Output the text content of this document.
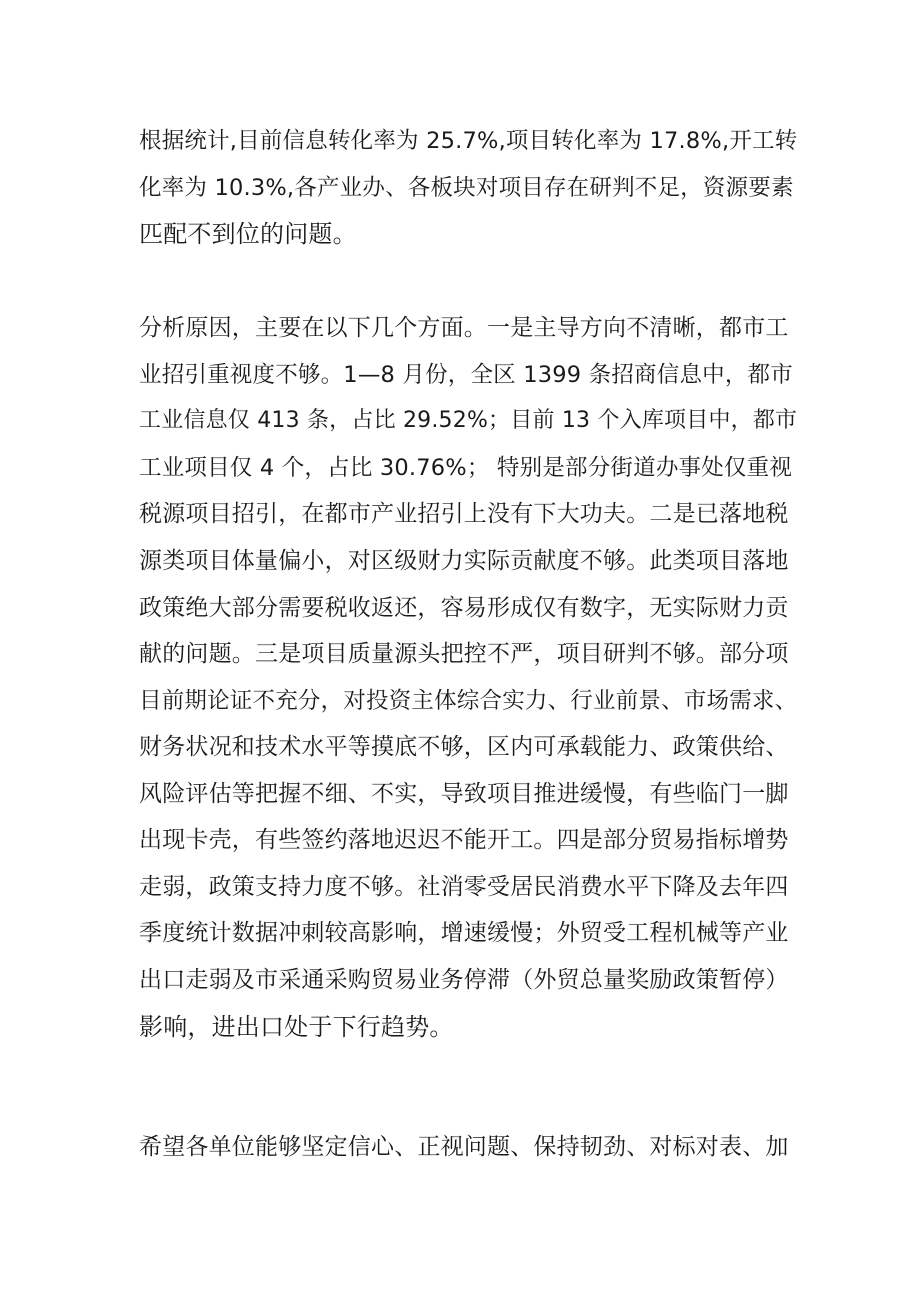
根据统计,目前信息转化率为 25.7%,项目转化率为 17.8%,开工转
化率为 10.3%,各产业办、各板块对项目存在研判不足，资源要素
匹配不到位的问题。
分析原因，主要在以下几个方面。一是主导方向不清晰，都市工
业招引重视度不够。1—8 月份，全区 1399 条招商信息中，都市
工业信息仅 413 条，占比 29.52%；目前 13 个入库项目中，都市
工业项目仅 4 个，占比 30.76%； 特别是部分街道办事处仅重视
税源项目招引，在都市产业招引上没有下大功夫。二是已落地税
源类项目体量偏小，对区级财力实际贡献度不够。此类项目落地
政策绝大部分需要税收返还，容易形成仅有数字，无实际财力贡
献的问题。三是项目质量源头把控不严，项目研判不够。部分项
目前期论证不充分，对投资主体综合实力、行业前景、市场需求、
财务状况和技术水平等摸底不够，区内可承载能力、政策供给、
风险评估等把握不细、不实，导致项目推进缓慢，有些临门一脚
出现卡壳，有些签约落地迟迟不能开工。四是部分贸易指标增势
走弱，政策支持力度不够。社消零受居民消费水平下降及去年四
季度统计数据冲刺较高影响，增速缓慢；外贸受工程机械等产业
出口走弱及市采通采购贸易业务停滞（外贸总量奖励政策暂停）
影响，进出口处于下行趋势。
希望各单位能够坚定信心、正视问题、保持韧劲、对标对表、加
